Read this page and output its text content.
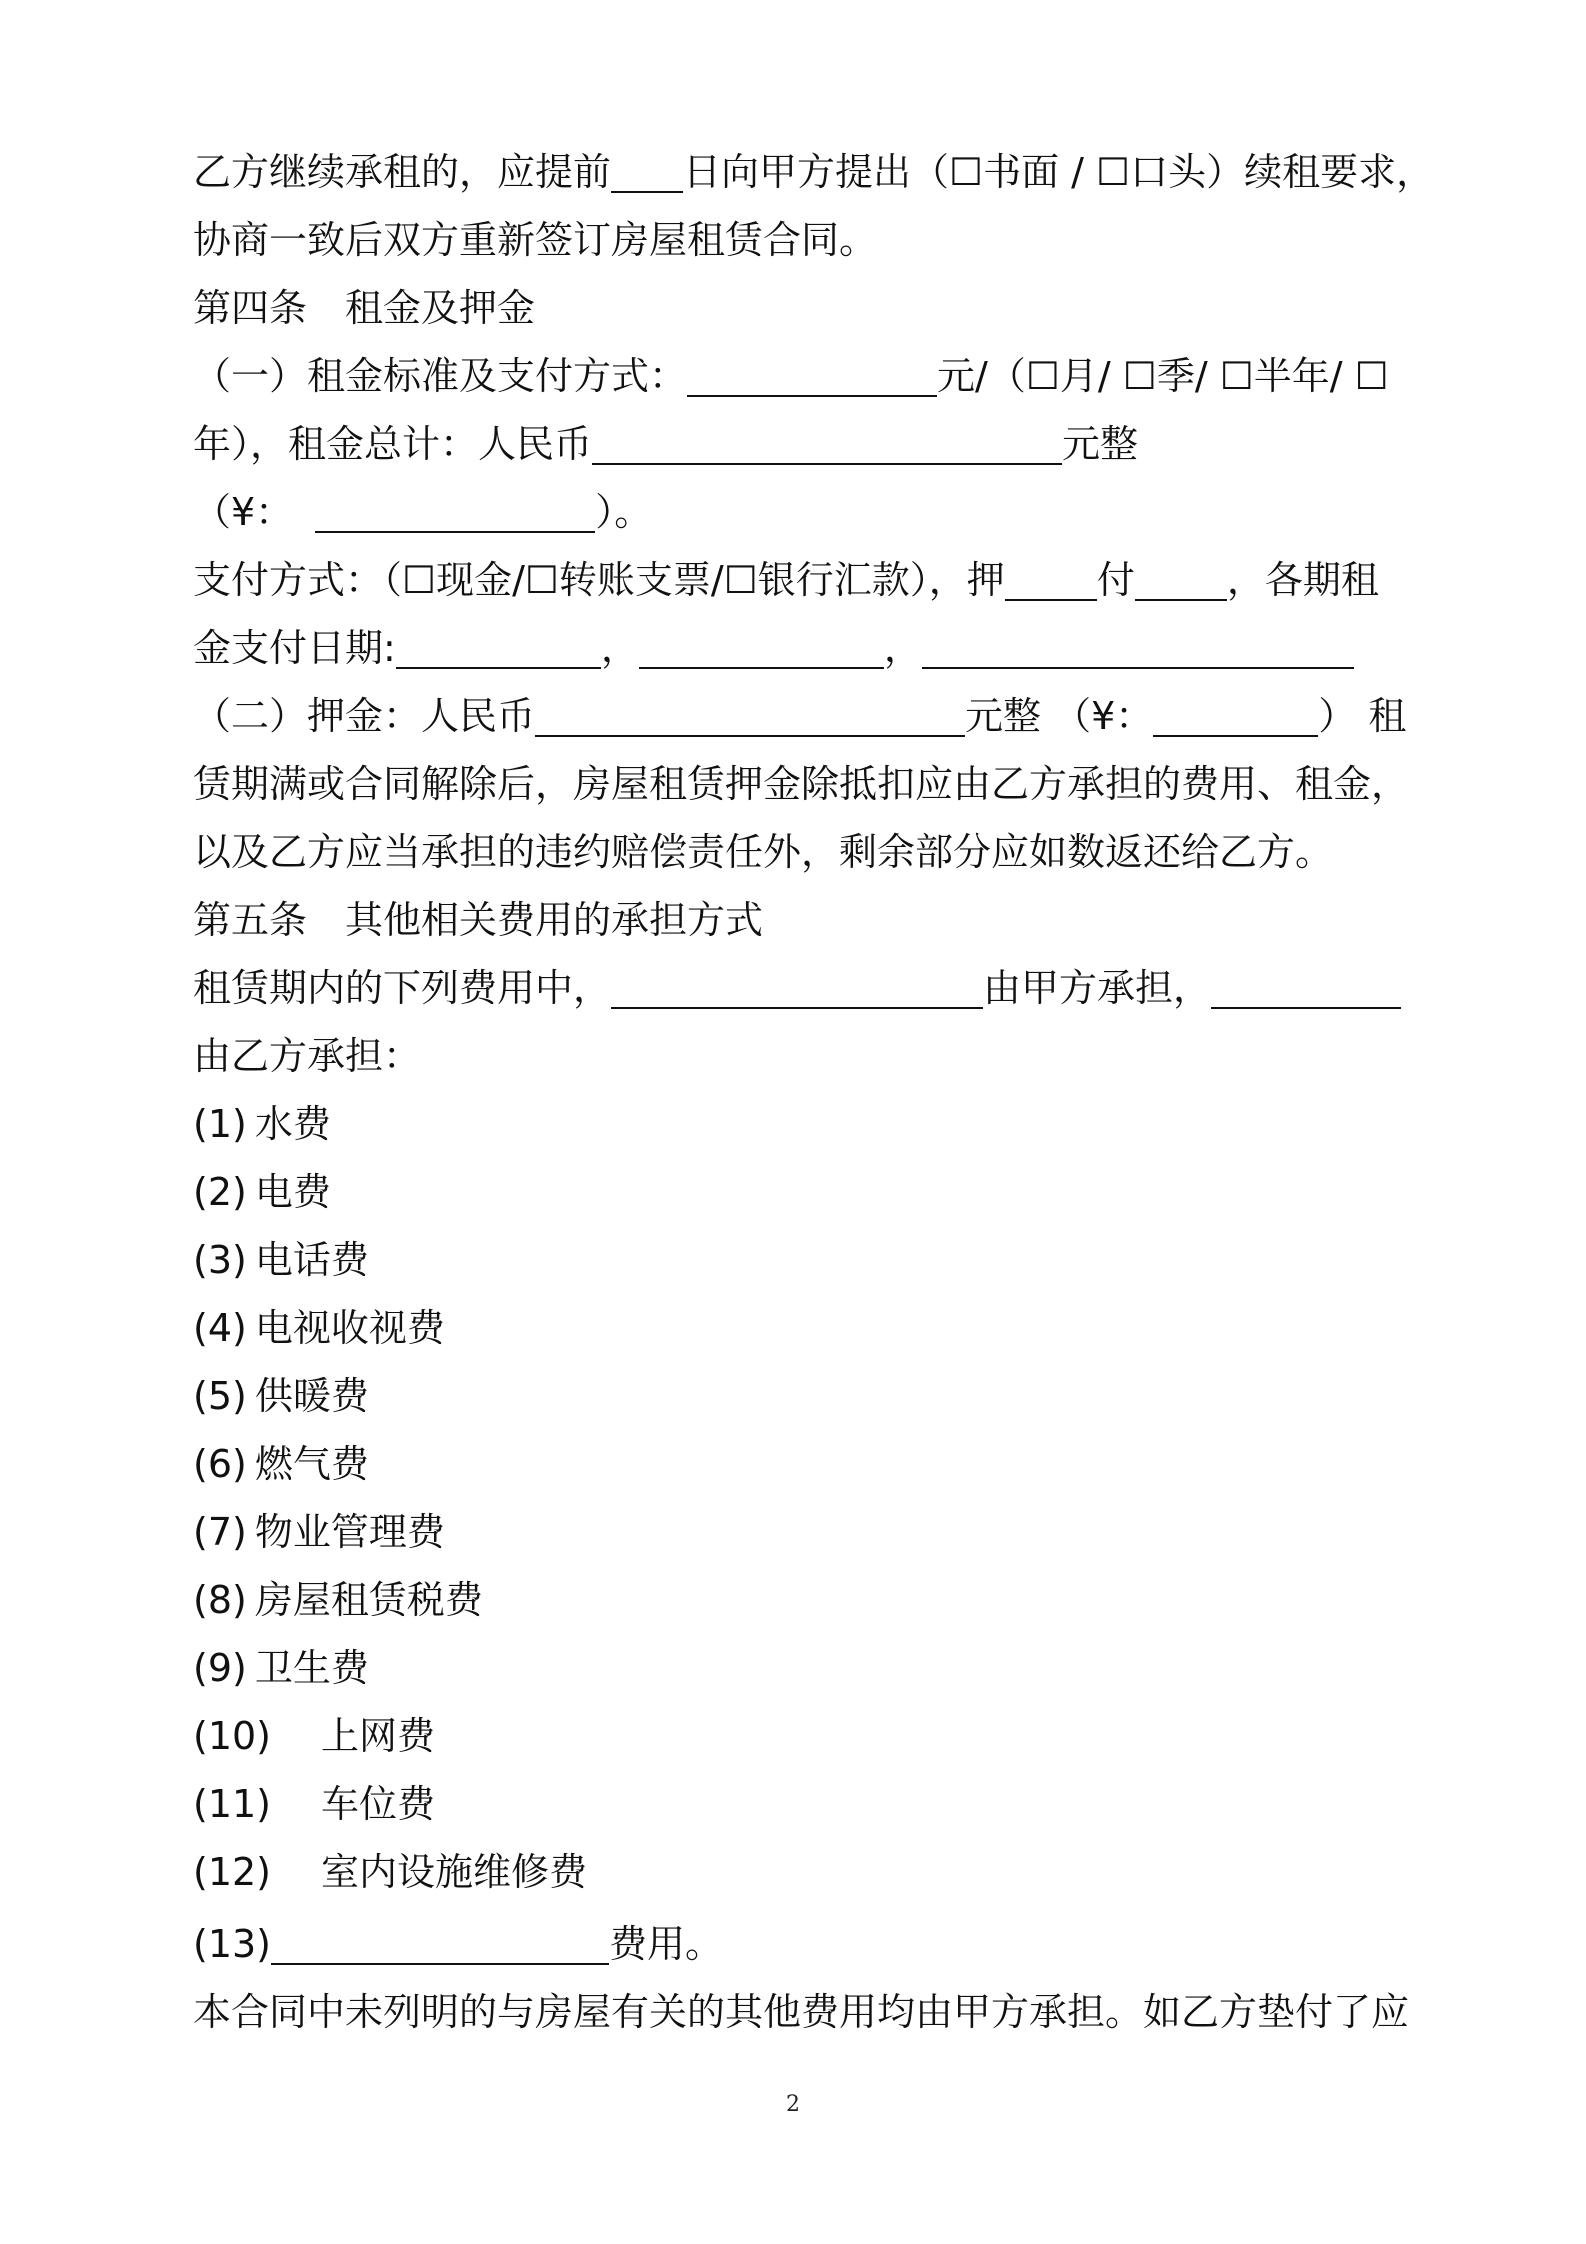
乙方继续承租的，应提前 日向甲方提出（☐书面 / ☐口头）续租要求，
协商一致后双方重新签订房屋租赁合同。
第四条　租金及押金
（一）租金标准及支付方式：	元/（☐月/ ☐季/ ☐半年/ ☐
年），租金总计：人民币	元整
（¥：	）。
支付方式：（☐现金/☐转账支票/☐银行汇款），押 付 ，各期租
金支付日期:	，	，
（二）押金：人民币	元整 （¥：	） 租
赁期满或合同解除后，房屋租赁押金除抵扣应由乙方承担的费用、租金，
以及乙方应当承担的违约赔偿责任外，剩余部分应如数返还给乙方。
第五条　其他相关费用的承担方式
租赁期内的下列费用中，	由甲方承担，
由乙方承担：
(1) 水费
(2) 电费
(3) 电话费
(4) 电视收视费
(5) 供暖费
(6) 燃气费
(7) 物业管理费
(8) 房屋租赁税费
(9) 卫生费
(10) 上网费
(11) 车位费
(12) 室内设施维修费
(13)	费用。
本合同中未列明的与房屋有关的其他费用均由甲方承担。如乙方垫付了应
2
